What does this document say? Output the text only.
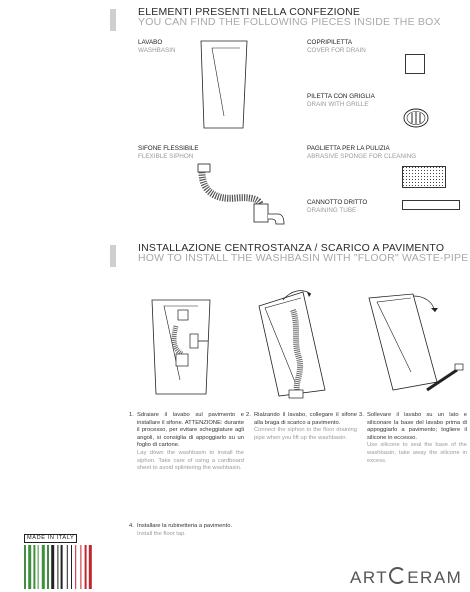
ELEMENTI PRESENTI NELLA CONFEZIONE
YOU CAN FIND THE FOLLOWING PIECES INSIDE THE BOX
LAVABO
WASHBASIN
COPRIPILETTA
COVER FOR DRAIN
PILETTA CON GRIGLIA
DRAIN WITH GRILLE
SIFONE FLESSIBILE
FLEXIBLE SIPHON
PAGLIETTA PER LA PULIZIA
ABRASIVE SPONGE FOR CLEANING
CANNOTTO DRITTO
DRAINING TUBE
INSTALLAZIONE CENTROSTANZA / SCARICO A PAVIMENTO
HOW TO INSTALL THE WASHBASIN WITH "FLOOR" WASTE-PIPE
1. Sdraiare il lavabo sul pavimento e installare il sifone. ATTENZIONE: durante il processo, per evitare scheggiature agli angoli, si consiglia di appoggiarlo su un foglio di cartone.
Lay down the washbasin to install the siphon. Take care of using a cardboard sheet to avoid splintering the washbasin.
2. Rialzando il lavabo, collegare il sifone alla braga di scarico a pavimento.
Connect the siphon to the floor draining pipe when you lift up the washbasin.
3. Sollevare il lavabo su un lato e siliconare la base del lavabo prima di appoggiarlo a pavimento; togliere il silicone in eccesso.
Use silicone to seal the base of the washbasin, take away the silicone in excess.
4. Installare la rubinetteria a pavimento.
Install the floor tap.
MADE IN ITALY
ART ERAM
